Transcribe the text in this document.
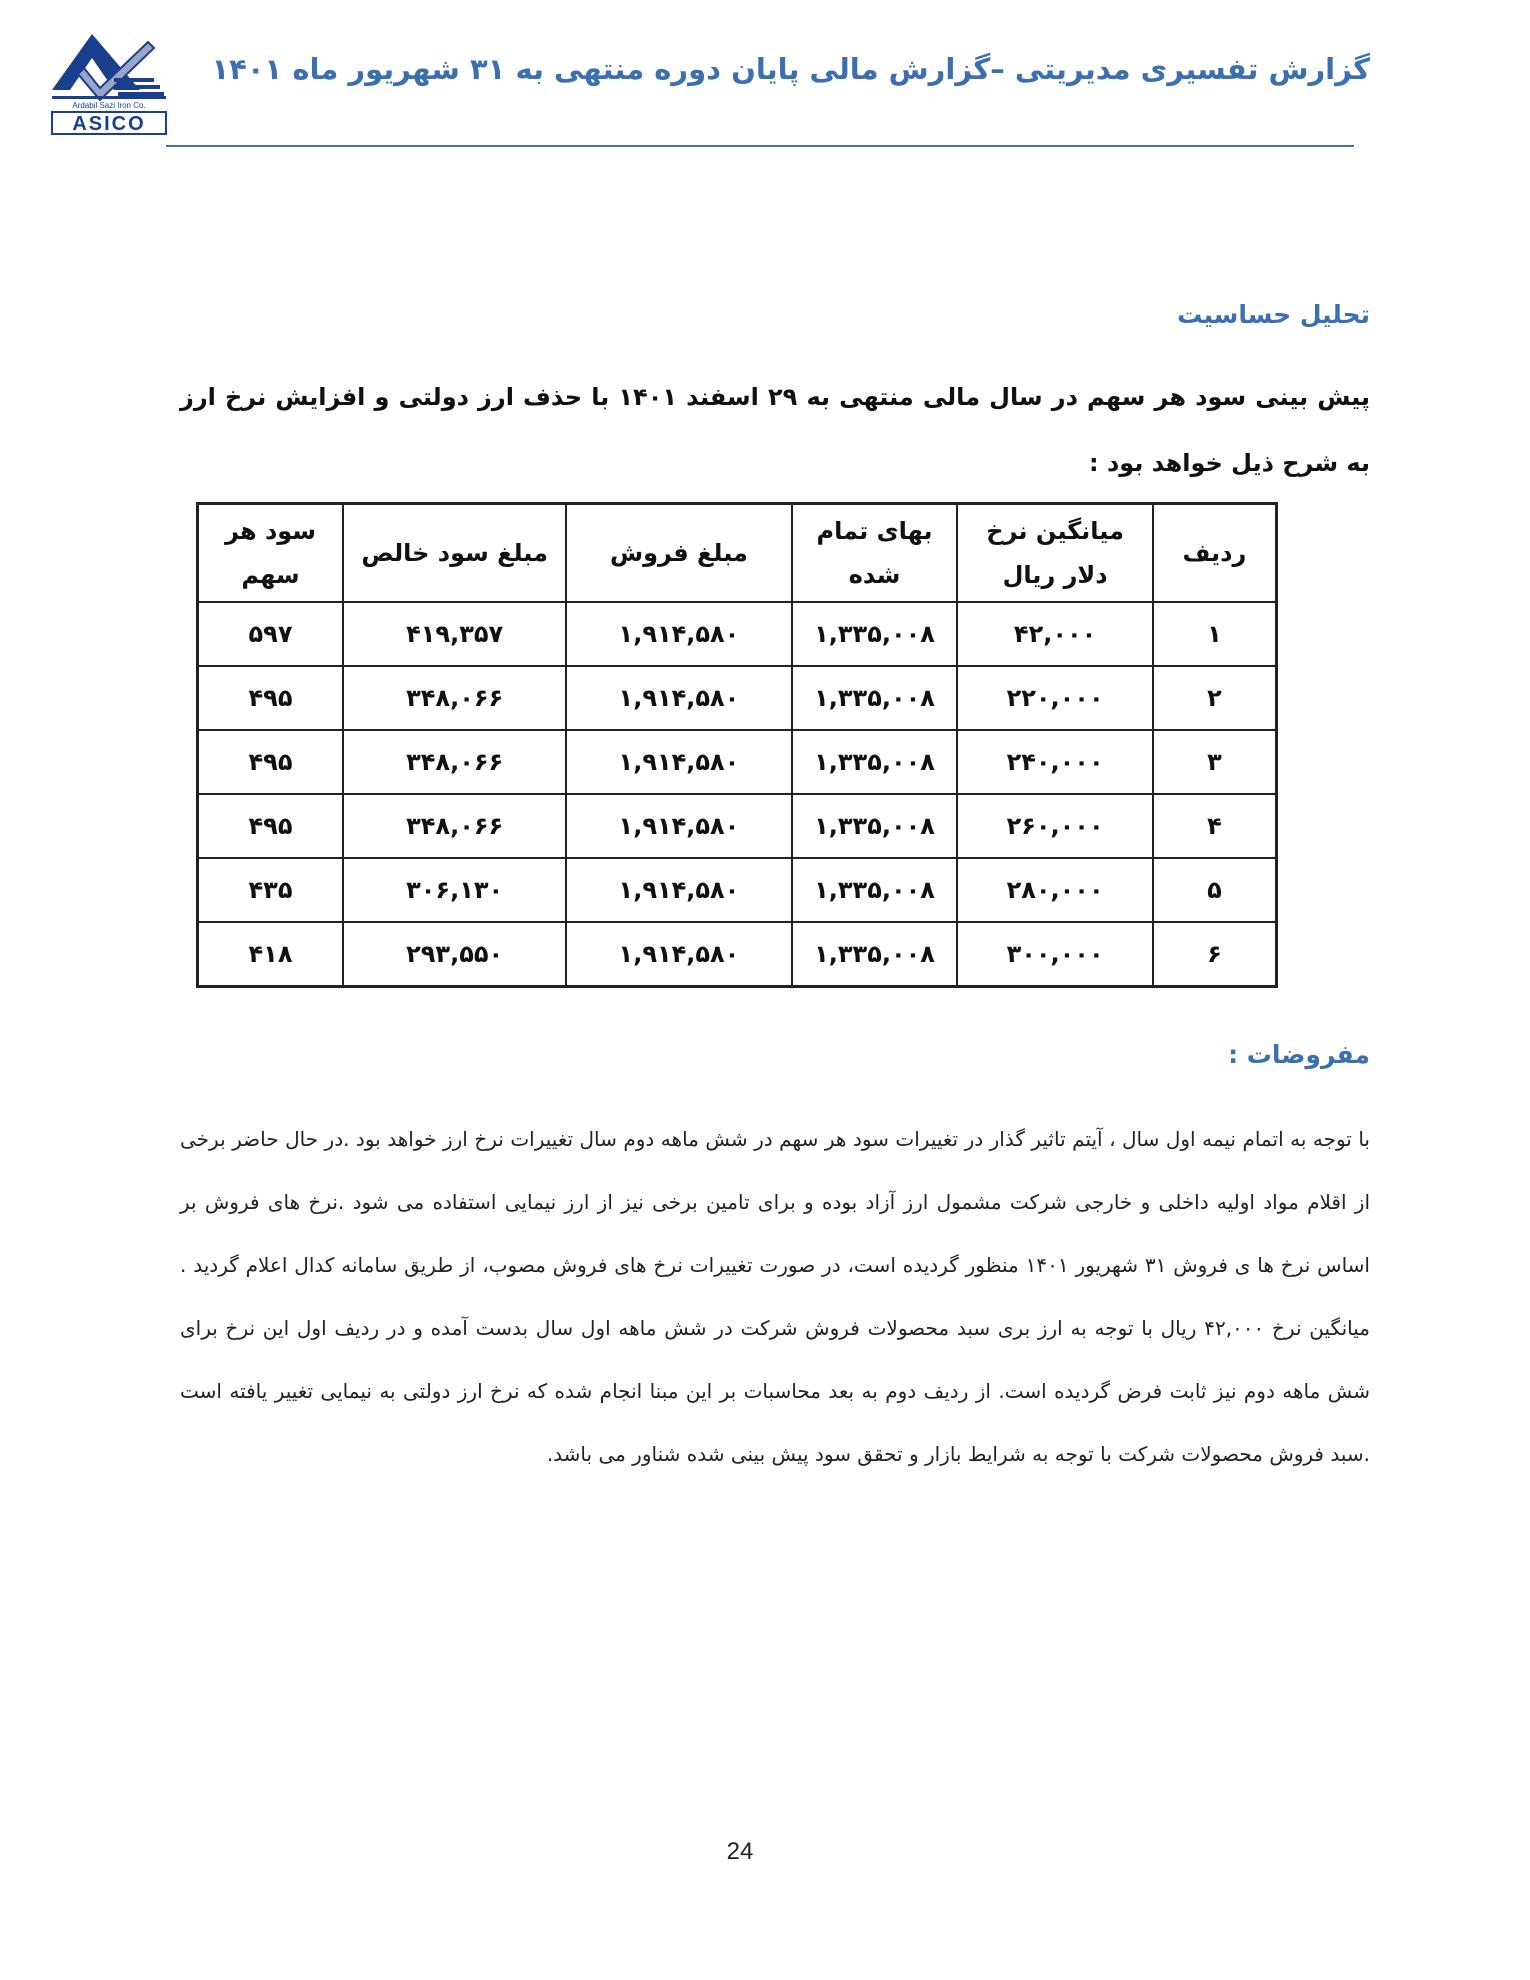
Ardabil Sazi Iron Co.
ASICO
گزارش تفسیری مدیریتی –گزارش مالی پایان دوره منتهی به ۳۱ شهریور ماه ۱۴۰۱
تحلیل حساسیت
پیش بینی سود هر سهم در سال مالی منتهی به ۲۹ اسفند ۱۴۰۱ با حذف ارز دولتی و افزایش نرخ ارز به شرح ذیل خواهد بود :
ردیف	میانگین نرخ دلار ریال	بهای تمام شده	مبلغ فروش	مبلغ سود خالص	سود هر سهم
۱	۴۲,۰۰۰	۱,۳۳۵,۰۰۸	۱,۹۱۴,۵۸۰	۴۱۹,۳۵۷	۵۹۷
۲	۲۲۰,۰۰۰	۱,۳۳۵,۰۰۸	۱,۹۱۴,۵۸۰	۳۴۸,۰۶۶	۴۹۵
۳	۲۴۰,۰۰۰	۱,۳۳۵,۰۰۸	۱,۹۱۴,۵۸۰	۳۴۸,۰۶۶	۴۹۵
۴	۲۶۰,۰۰۰	۱,۳۳۵,۰۰۸	۱,۹۱۴,۵۸۰	۳۴۸,۰۶۶	۴۹۵
۵	۲۸۰,۰۰۰	۱,۳۳۵,۰۰۸	۱,۹۱۴,۵۸۰	۳۰۶,۱۳۰	۴۳۵
۶	۳۰۰,۰۰۰	۱,۳۳۵,۰۰۸	۱,۹۱۴,۵۸۰	۲۹۳,۵۵۰	۴۱۸
مفروضات :
با توجه به اتمام نیمه اول سال ، آیتم تاثیر گذار در تغییرات سود هر سهم در شش ماهه دوم سال تغییرات نرخ ارز خواهد بود .در حال حاضر برخی از اقلام مواد اولیه داخلی و خارجی شرکت مشمول ارز آزاد بوده و برای تامین برخی نیز از ارز نیمایی استفاده می شود .نرخ های فروش بر اساس نرخ ها ی فروش ۳۱ شهریور ۱۴۰۱ منظور گردیده است، در صورت تغییرات نرخ های فروش مصوب، از طریق سامانه کدال اعلام گردید . میانگین نرخ ۴۲,۰۰۰ ریال با توجه به ارز بری سبد محصولات فروش شرکت در شش ماهه اول سال بدست آمده و در ردیف اول این نرخ برای شش ماهه دوم نیز ثابت فرض گردیده است. از ردیف دوم به بعد محاسبات بر این مبنا انجام شده که نرخ ارز دولتی به نیمایی تغییر یافته است .سبد فروش محصولات شرکت با توجه به شرایط بازار و تحقق سود پیش بینی شده شناور می باشد.
24
